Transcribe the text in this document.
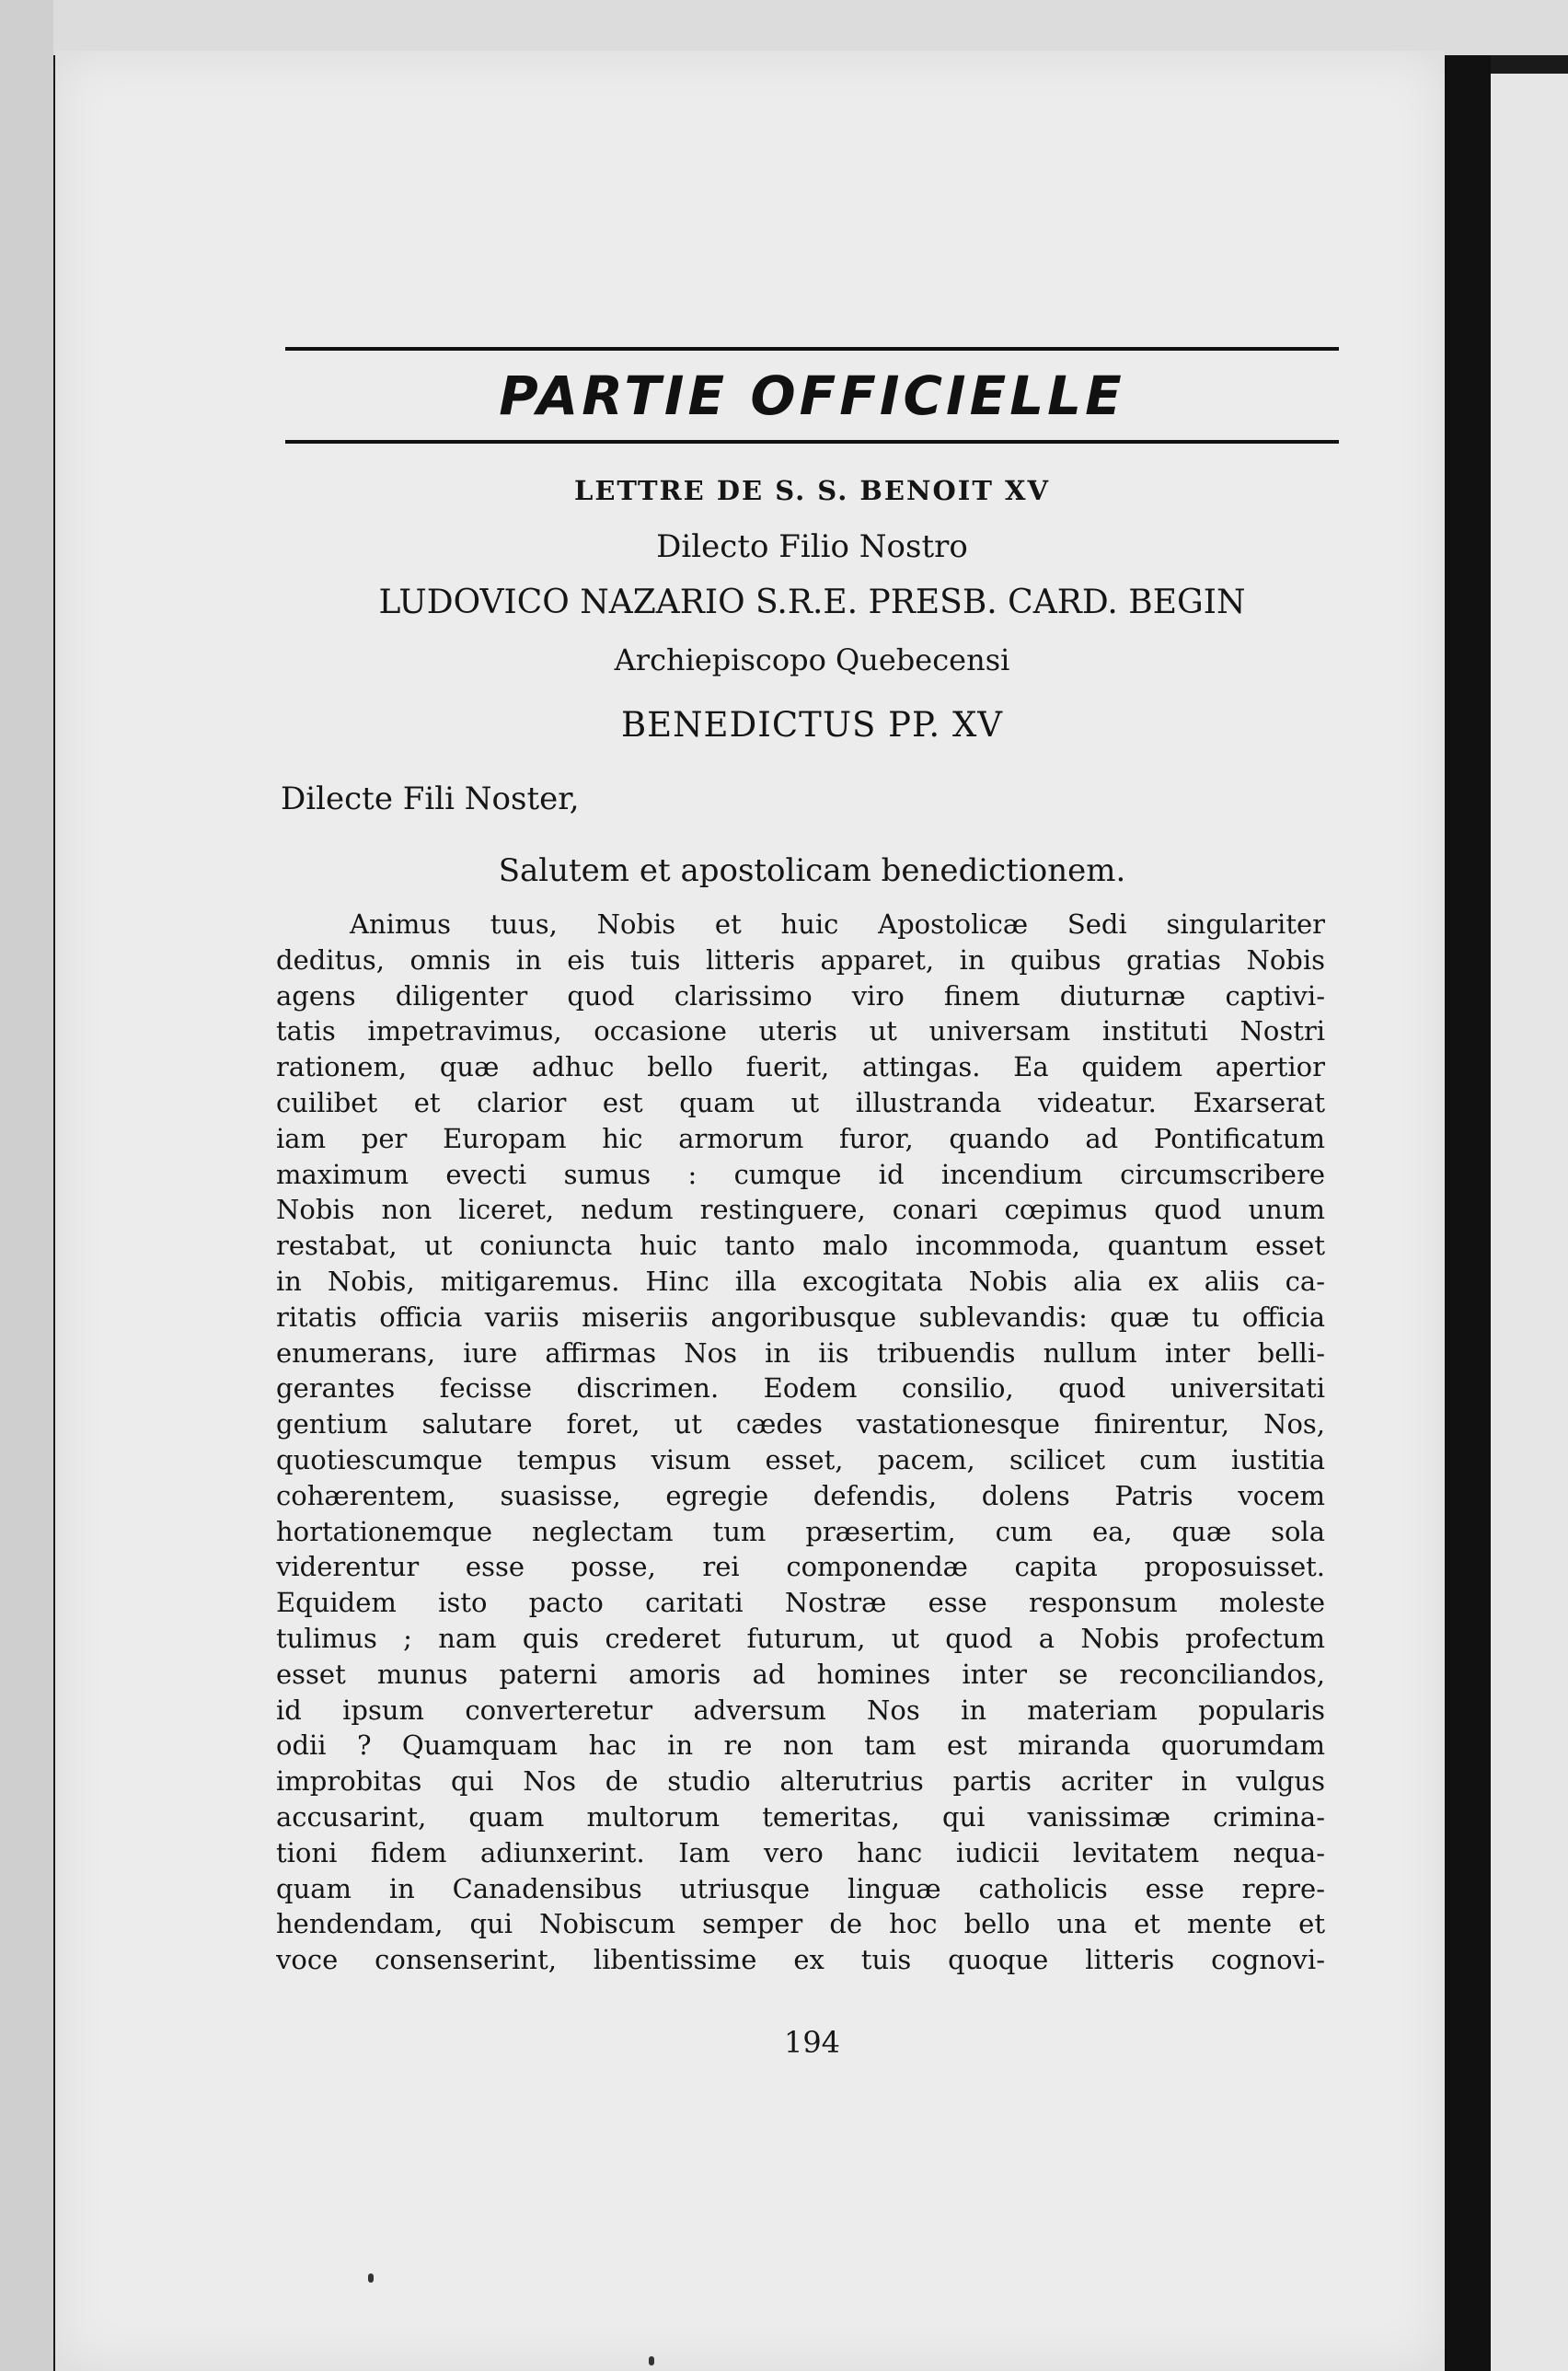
PARTIE OFFICIELLE
LETTRE DE S. S. BENOIT XV
Dilecto Filio Nostro
LUDOVICO NAZARIO S.R.E. PRESB. CARD. BEGIN
Archiepiscopo Quebecensi
BENEDICTUS PP. XV
Dilecte Fili Noster,
Salutem et apostolicam benedictionem.
Animus tuus, Nobis et huic Apostolicæ Sedi singulariter
deditus, omnis in eis tuis litteris apparet, in quibus gratias Nobis
agens diligenter quod clarissimo viro finem diuturnæ captivi-
tatis impetravimus, occasione uteris ut universam instituti Nostri
rationem, quæ adhuc bello fuerit, attingas. Ea quidem apertior
cuilibet et clarior est quam ut illustranda videatur. Exarserat
iam per Europam hic armorum furor, quando ad Pontificatum
maximum evecti sumus : cumque id incendium circumscribere
Nobis non liceret, nedum restinguere, conari cœpimus quod unum
restabat, ut coniuncta huic tanto malo incommoda, quantum esset
in Nobis, mitigaremus. Hinc illa excogitata Nobis alia ex aliis ca-
ritatis officia variis miseriis angoribusque sublevandis: quæ tu officia
enumerans, iure affirmas Nos in iis tribuendis nullum inter belli-
gerantes fecisse discrimen. Eodem consilio, quod universitati
gentium salutare foret, ut cædes vastationesque finirentur, Nos,
quotiescumque tempus visum esset, pacem, scilicet cum iustitia
cohærentem, suasisse, egregie defendis, dolens Patris vocem
hortationemque neglectam tum præsertim, cum ea, quæ sola
viderentur esse posse, rei componendæ capita proposuisset.
Equidem isto pacto caritati Nostræ esse responsum moleste
tulimus ; nam quis crederet futurum, ut quod a Nobis profectum
esset munus paterni amoris ad homines inter se reconciliandos,
id ipsum converteretur adversum Nos in materiam popularis
odii ? Quamquam hac in re non tam est miranda quorumdam
improbitas qui Nos de studio alterutrius partis acriter in vulgus
accusarint, quam multorum temeritas, qui vanissimæ crimina-
tioni fidem adiunxerint. Iam vero hanc iudicii levitatem nequa-
quam in Canadensibus utriusque linguæ catholicis esse repre-
hendendam, qui Nobiscum semper de hoc bello una et mente et
voce consenserint, libentissime ex tuis quoque litteris cognovi-
194
